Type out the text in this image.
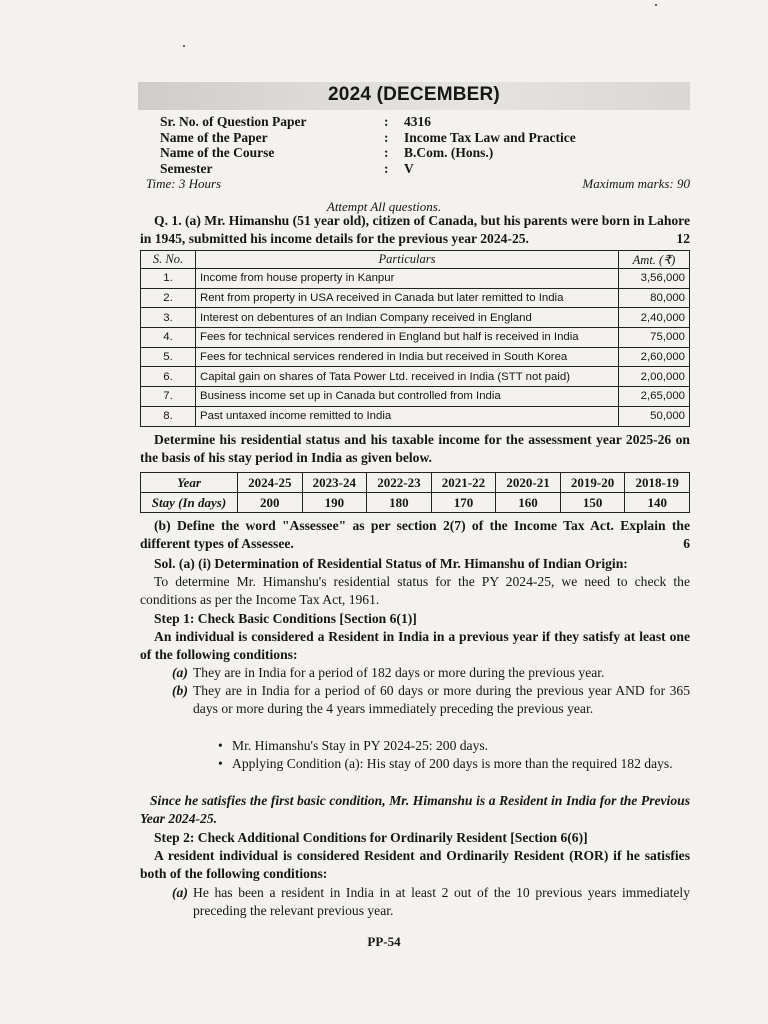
2024 (DECEMBER)
Sr. No. of Question Paper	: 4316
Name of the Paper	: Income Tax Law and Practice
Name of the Course	: B.Com. (Hons.)
Semester	: V
Time: 3 Hours	Maximum marks: 90
Attempt All questions.
Q. 1. (a) Mr. Himanshu (51 year old), citizen of Canada, but his parents were born in Lahore in 1945, submitted his income details for the previous year 2024-25.	12
S. No.	Particulars	Amt. (₹)
1.	Income from house property in Kanpur	3,56,000
2.	Rent from property in USA received in Canada but later remitted to India	80,000
3.	Interest on debentures of an Indian Company received in England	2,40,000
4.	Fees for technical services rendered in England but half is received in India	75,000
5.	Fees for technical services rendered in India but received in South Korea	2,60,000
6.	Capital gain on shares of Tata Power Ltd. received in India (STT not paid)	2,00,000
7.	Business income set up in Canada but controlled from India	2,65,000
8.	Past untaxed income remitted to India	50,000
Determine his residential status and his taxable income for the assessment year 2025-26 on the basis of his stay period in India as given below.
Year	2024-25	2023-24	2022-23	2021-22	2020-21	2019-20	2018-19
Stay (In days)	200	190	180	170	160	150	140
(b) Define the word "Assessee" as per section 2(7) of the Income Tax Act. Explain the different types of Assessee.	6
Sol. (a) (i) Determination of Residential Status of Mr. Himanshu of Indian Origin:
To determine Mr. Himanshu's residential status for the PY 2024-25, we need to check the conditions as per the Income Tax Act, 1961.
Step 1: Check Basic Conditions [Section 6(1)]
An individual is considered a Resident in India in a previous year if they satisfy at least one of the following conditions:
(a) They are in India for a period of 182 days or more during the previous year.
(b) They are in India for a period of 60 days or more during the previous year AND for 365 days or more during the 4 years immediately preceding the previous year.
• Mr. Himanshu's Stay in PY 2024-25: 200 days.
• Applying Condition (a): His stay of 200 days is more than the required 182 days.
Since he satisfies the first basic condition, Mr. Himanshu is a Resident in India for the Previous Year 2024-25.
Step 2: Check Additional Conditions for Ordinarily Resident [Section 6(6)]
A resident individual is considered Resident and Ordinarily Resident (ROR) if he satisfies both of the following conditions:
(a) He has been a resident in India in at least 2 out of the 10 previous years immediately preceding the relevant previous year.
PP-54
